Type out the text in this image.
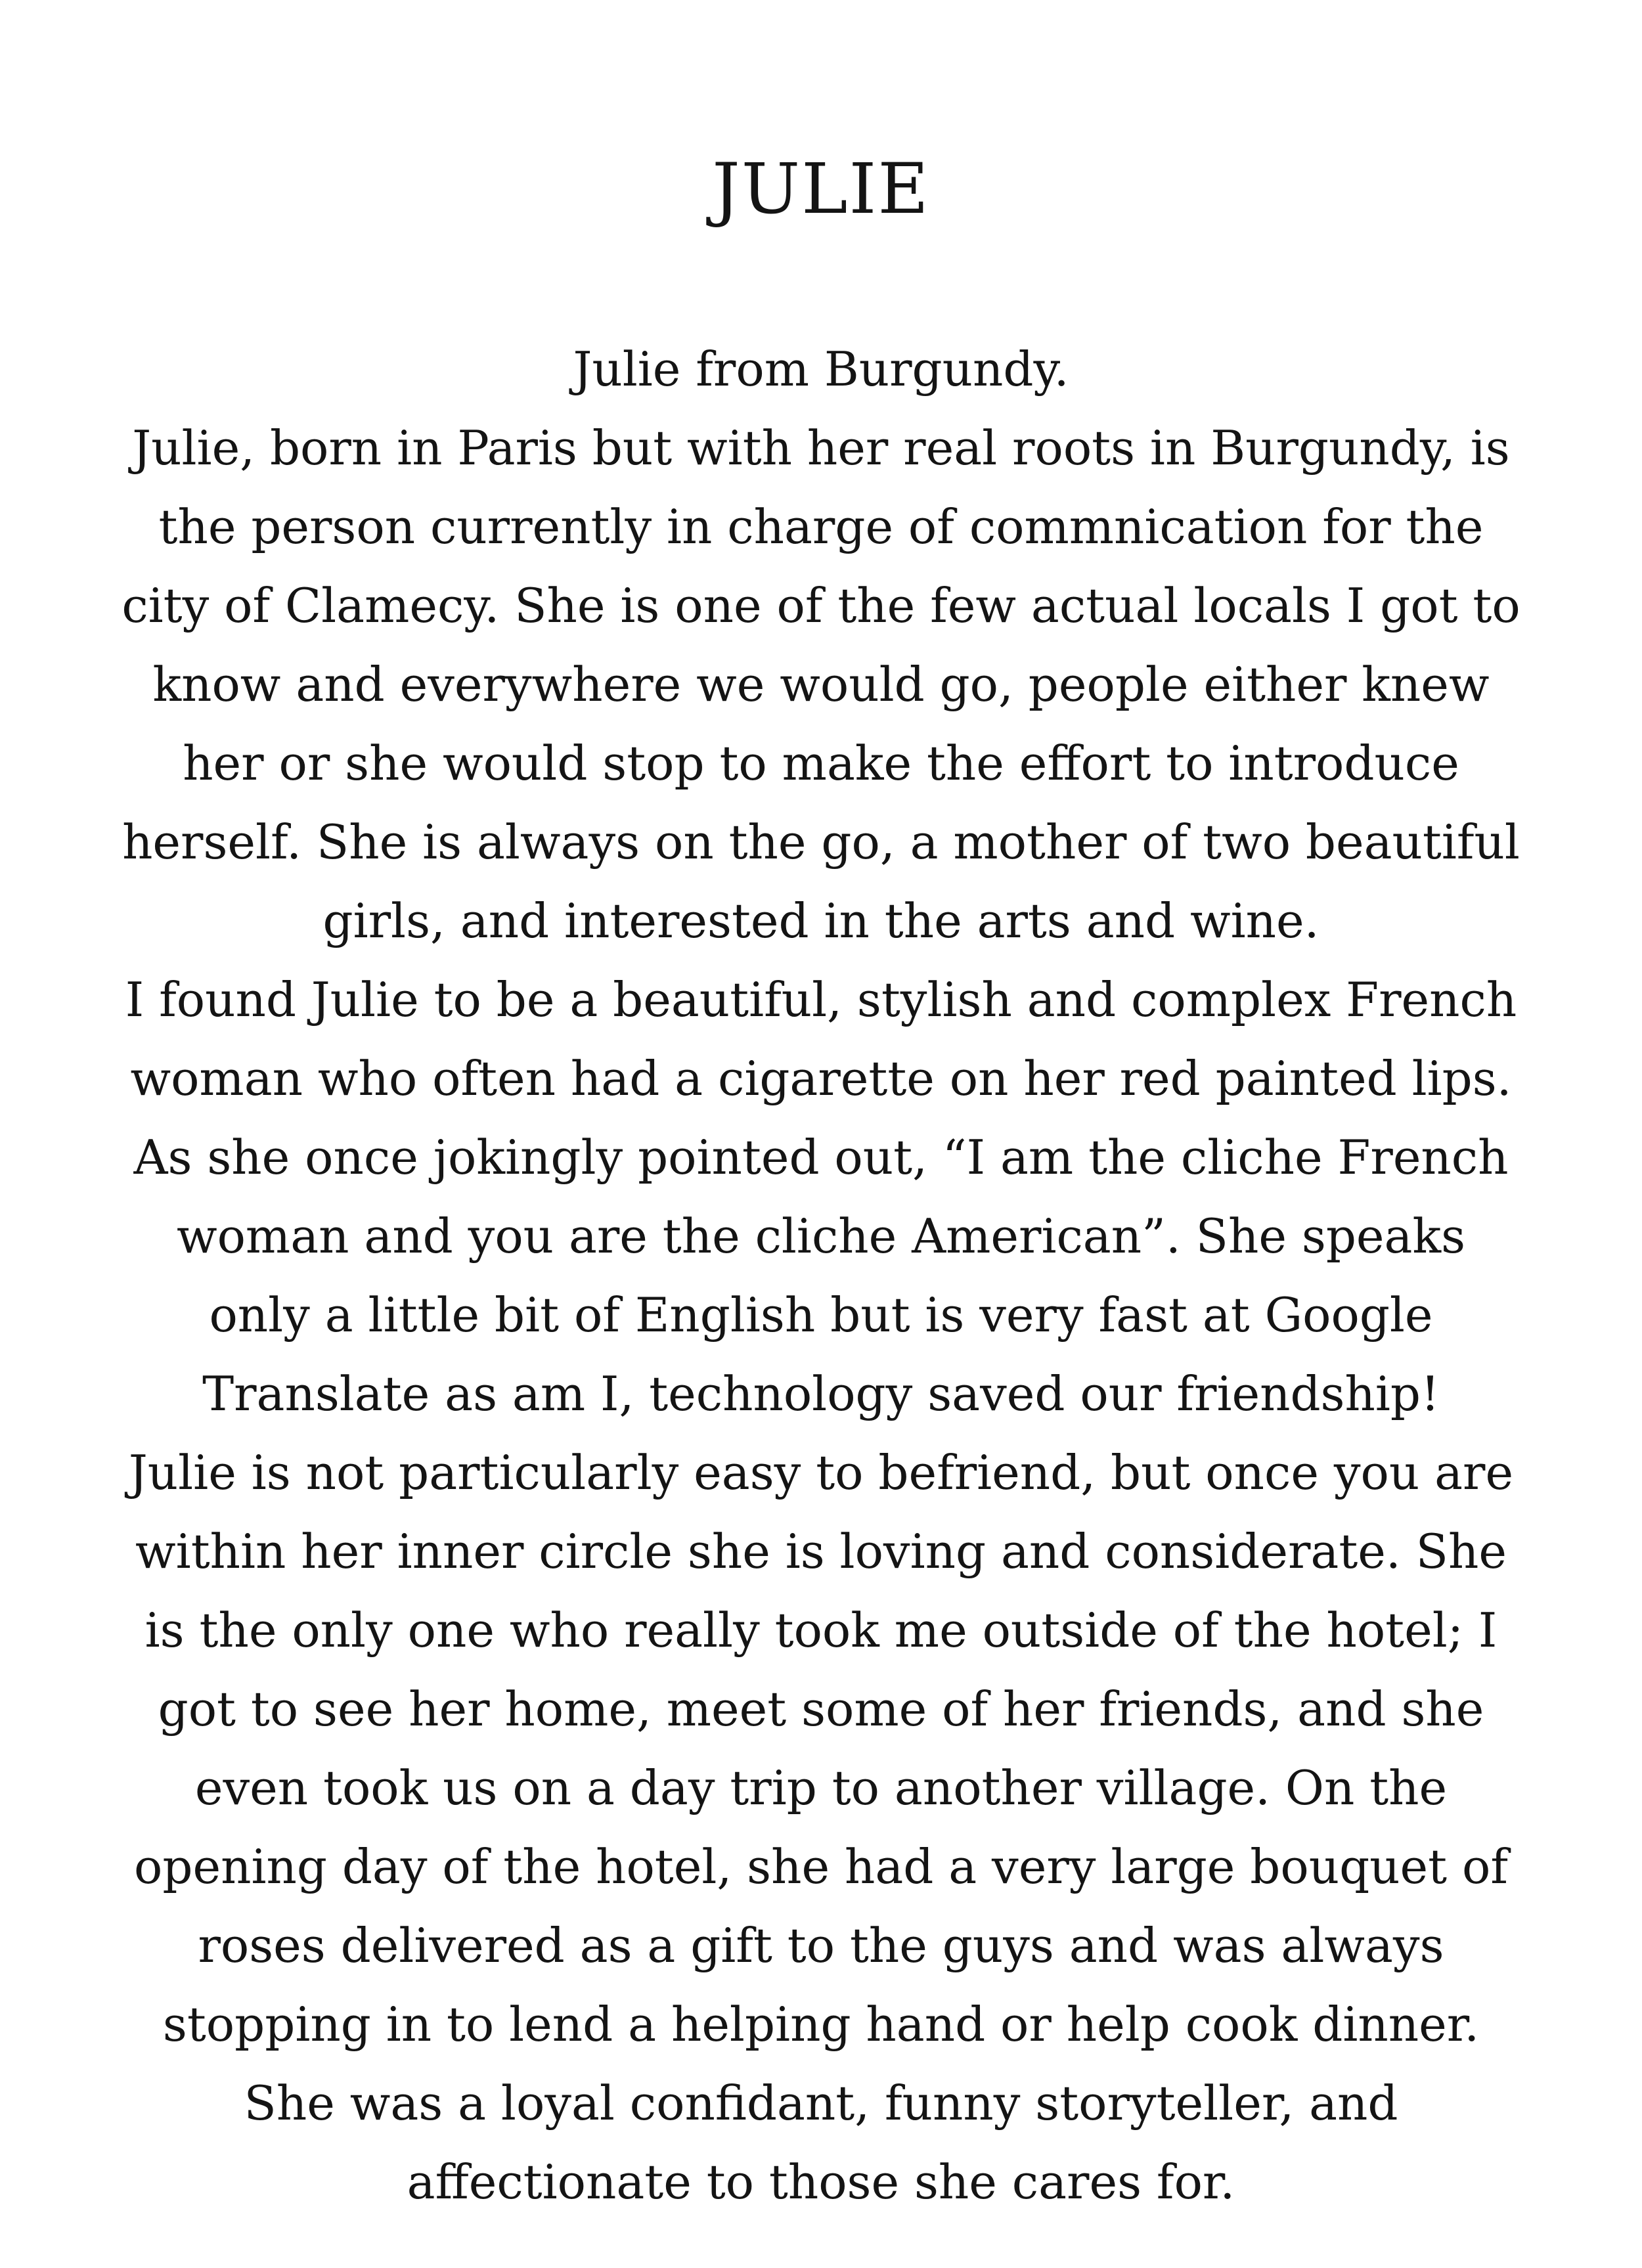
JULIE

Julie from Burgundy.

Julie, born in Paris but with her real roots in Burgundy, is

the person currently in charge of commnication for the

city of Clamecy. She is one of the few actual locals I got to

know and everywhere we would go, people either knew

her or she would stop to make the effort to introduce

herself. She is always on the go, a mother of two beautiful

girls, and interested in the arts and wine.

I found Julie to be a beautiful, stylish and complex French

woman who often had a cigarette on her red painted lips.

As she once jokingly pointed out, “I am the cliche French

woman and you are the cliche American”. She speaks

only a little bit of English but is very fast at Google

Translate as am I, technology saved our friendship!

Julie is not particularly easy to befriend, but once you are

within her inner circle she is loving and considerate. She

is the only one who really took me outside of the hotel; I

got to see her home, meet some of her friends, and she

even took us on a day trip to another village. On the

opening day of the hotel, she had a very large bouquet of

roses delivered as a gift to the guys and was always

stopping in to lend a helping hand or help cook dinner.

She was a loyal confidant, funny storyteller, and

affectionate to those she cares for.
